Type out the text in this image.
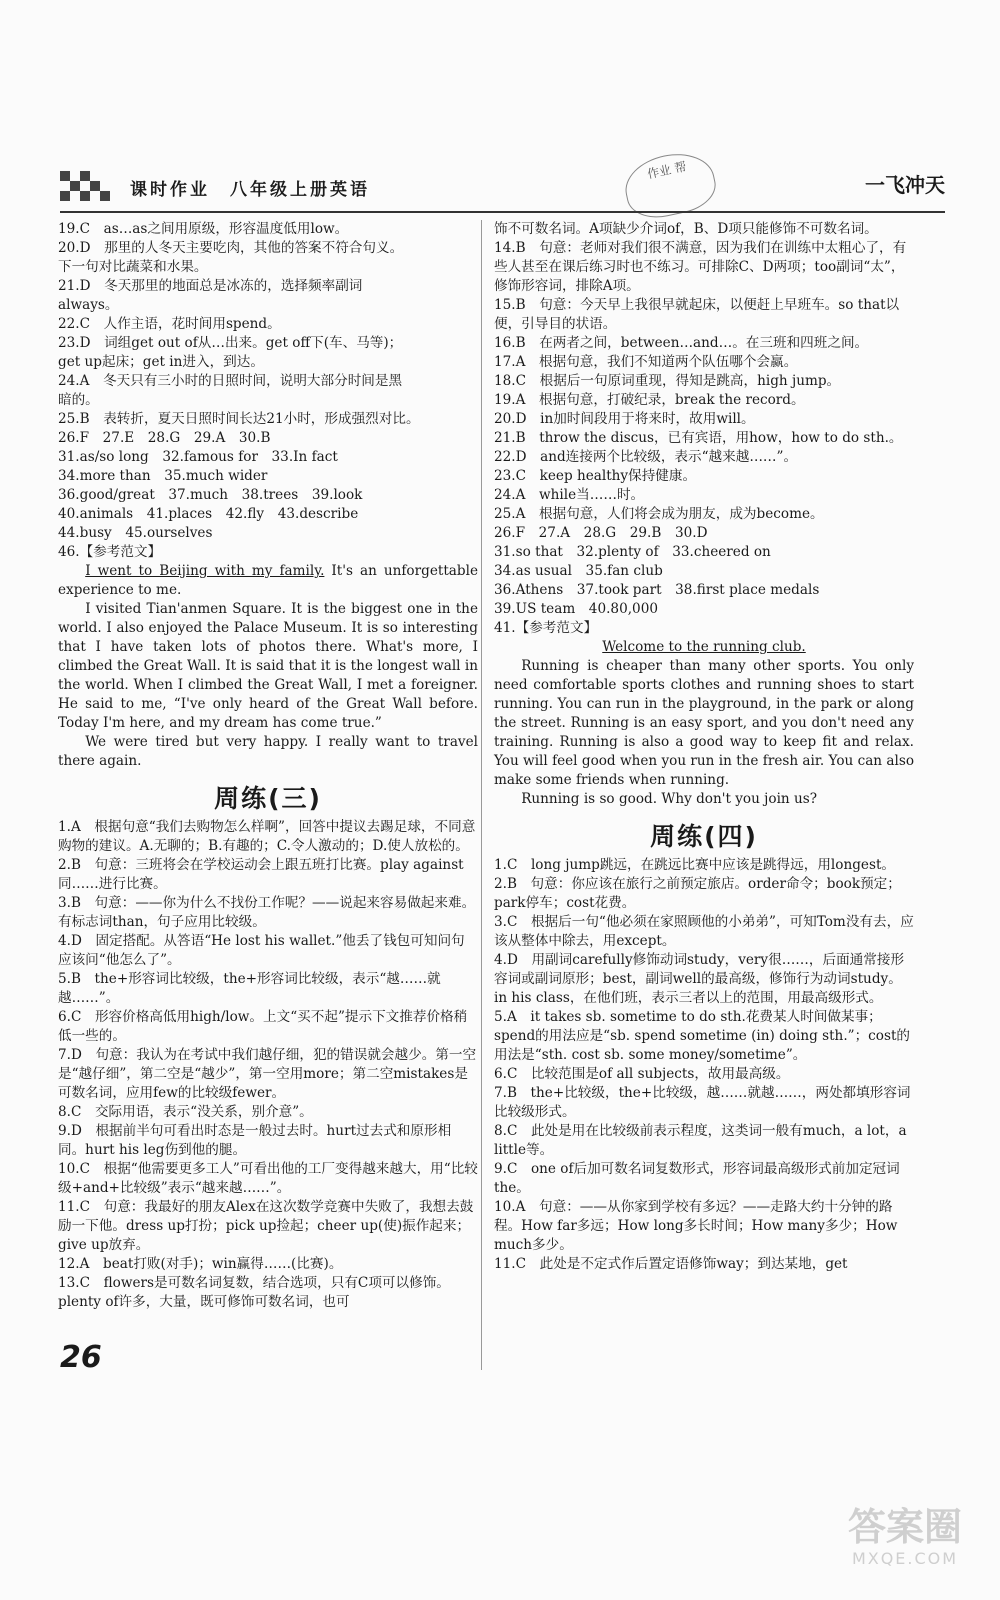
课时作业　八年级上册英语
作业 帮
一飞冲天
19.C　as…as之间用原级，形容温度低用low。
20.D　那里的人冬天主要吃肉，其他的答案不符合句义。
下一句对比蔬菜和水果。
21.D　冬天那里的地面总是冰冻的，选择频率副词
always。
22.C　人作主语，花时间用spend。
23.D　词组get out of从…出来。get off下(车、马等)；
get up起床；get in进入，到达。
24.A　冬天只有三小时的日照时间，说明大部分时间是黑
暗的。
25.B　表转折，夏天日照时间长达21小时，形成强烈对比。
26.F　27.E　28.G　29.A　30.B
31.as/so long　32.famous for　33.In fact
34.more than　35.much wider
36.good/great　37.much　38.trees　39.look
40.animals　41.places　42.fly　43.describe
44.busy　45.ourselves
46.【参考范文】

I went to Beijing with my family. It's an unforgettable experience to me.

I visited Tian'anmen Square. It is the biggest one in the world. I also enjoyed the Palace Museum. It is so interesting that I have taken lots of photos there. What's more, I climbed the Great Wall. It is said that it is the longest wall in the world. When I climbed the Great Wall, I met a foreigner. He said to me, “I've only heard of the Great Wall before. Today I'm here, and my dream has come true.”

We were tired but very happy. I really want to travel there again.

周练(三)
1.A　根据句意“我们去购物怎么样啊”，回答中提议去踢足球，不同意购物的建议。A.无聊的；B.有趣的；C.令人激动的；D.使人放松的。
2.B　句意：三班将会在学校运动会上跟五班打比赛。play against同……进行比赛。
3.B　句意：——你为什么不找份工作呢？——说起来容易做起来难。有标志词than，句子应用比较级。
4.D　固定搭配。从答语“He lost his wallet.”他丢了钱包可知问句应该问“他怎么了”。
5.B　the+形容词比较级，the+形容词比较级，表示“越……就越……”。
6.C　形容价格高低用high/low。上文“买不起”提示下文推荐价格稍低一些的。
7.D　句意：我认为在考试中我们越仔细，犯的错误就会越少。第一空是“越仔细”，第二空是“越少”，第一空用more；第二空mistakes是可数名词，应用few的比较级fewer。
8.C　交际用语，表示“没关系，别介意”。
9.D　根据前半句可看出时态是一般过去时。hurt过去式和原形相同。hurt his leg伤到他的腿。
10.C　根据“他需要更多工人”可看出他的工厂变得越来越大，用“比较级+and+比较级”表示“越来越……”。
11.C　句意：我最好的朋友Alex在这次数学竞赛中失败了，我想去鼓励一下他。dress up打扮；pick up捡起；cheer up(使)振作起来；give up放弃。
12.A　beat打败(对手)；win赢得……(比赛)。
13.C　flowers是可数名词复数，结合选项，只有C项可以修饰。plenty of许多，大量，既可修饰可数名词，也可
饰不可数名词。A项缺少介词of，B、D项只能修饰不可数名词。
14.B　句意：老师对我们很不满意，因为我们在训练中太粗心了，有些人甚至在课后练习时也不练习。可排除C、D两项；too副词“太”，修饰形容词，排除A项。
15.B　句意：今天早上我很早就起床，以便赶上早班车。so that以便，引导目的状语。
16.B　在两者之间，between…and…。在三班和四班之间。
17.A　根据句意，我们不知道两个队伍哪个会赢。
18.C　根据后一句原词重现，得知是跳高，high jump。
19.A　根据句意，打破纪录，break the record。
20.D　in加时间段用于将来时，故用will。
21.B　throw the discus，已有宾语，用how，how to do sth.。
22.D　and连接两个比较级，表示“越来越……”。
23.C　keep healthy保持健康。
24.A　while当……时。
25.A　根据句意，人们将会成为朋友，成为become。
26.F　27.A　28.G　29.B　30.D
31.so that　32.plenty of　33.cheered on
34.as usual　35.fan club
36.Athens　37.took part　38.first place medals
39.US team　40.80,000
41.【参考范文】

Welcome to the running club.

Running is cheaper than many other sports. You only need comfortable sports clothes and running shoes to start running. You can run in the playground, in the park or along the street. Running is an easy sport, and you don't need any training. Running is also a good way to keep fit and relax. You will feel good when you run in the fresh air. You can also make some friends when running.

Running is so good. Why don't you join us?

周练(四)
1.C　long jump跳远，在跳远比赛中应该是跳得远，用longest。
2.B　句意：你应该在旅行之前预定旅店。order命令；book预定；park停车；cost花费。
3.C　根据后一句“他必须在家照顾他的小弟弟”，可知Tom没有去，应该从整体中除去，用except。
4.D　用副词carefully修饰动词study，very很……，后面通常接形容词或副词原形；best，副词well的最高级，修饰行为动词study。in his class，在他们班，表示三者以上的范围，用最高级形式。
5.A　it takes sb. sometime to do sth.花费某人时间做某事；spend的用法应是“sb. spend sometime (in) doing sth.”；cost的用法是“sth. cost sb. some money/sometime”。
6.C　比较范围是of all subjects，故用最高级。
7.B　the+比较级，the+比较级，越……就越……，两处都填形容词比较级形式。
8.C　此处是用在比较级前表示程度，这类词一般有much，a lot，a little等。
9.C　one of后加可数名词复数形式，形容词最高级形式前加定冠词the。
10.A　句意：——从你家到学校有多远？——走路大约十分钟的路程。How far多远；How long多长时间；How many多少；How much多少。
11.C　此处是不定式作后置定语修饰way；到达某地，get
26
答案圈
MXQE.COM
